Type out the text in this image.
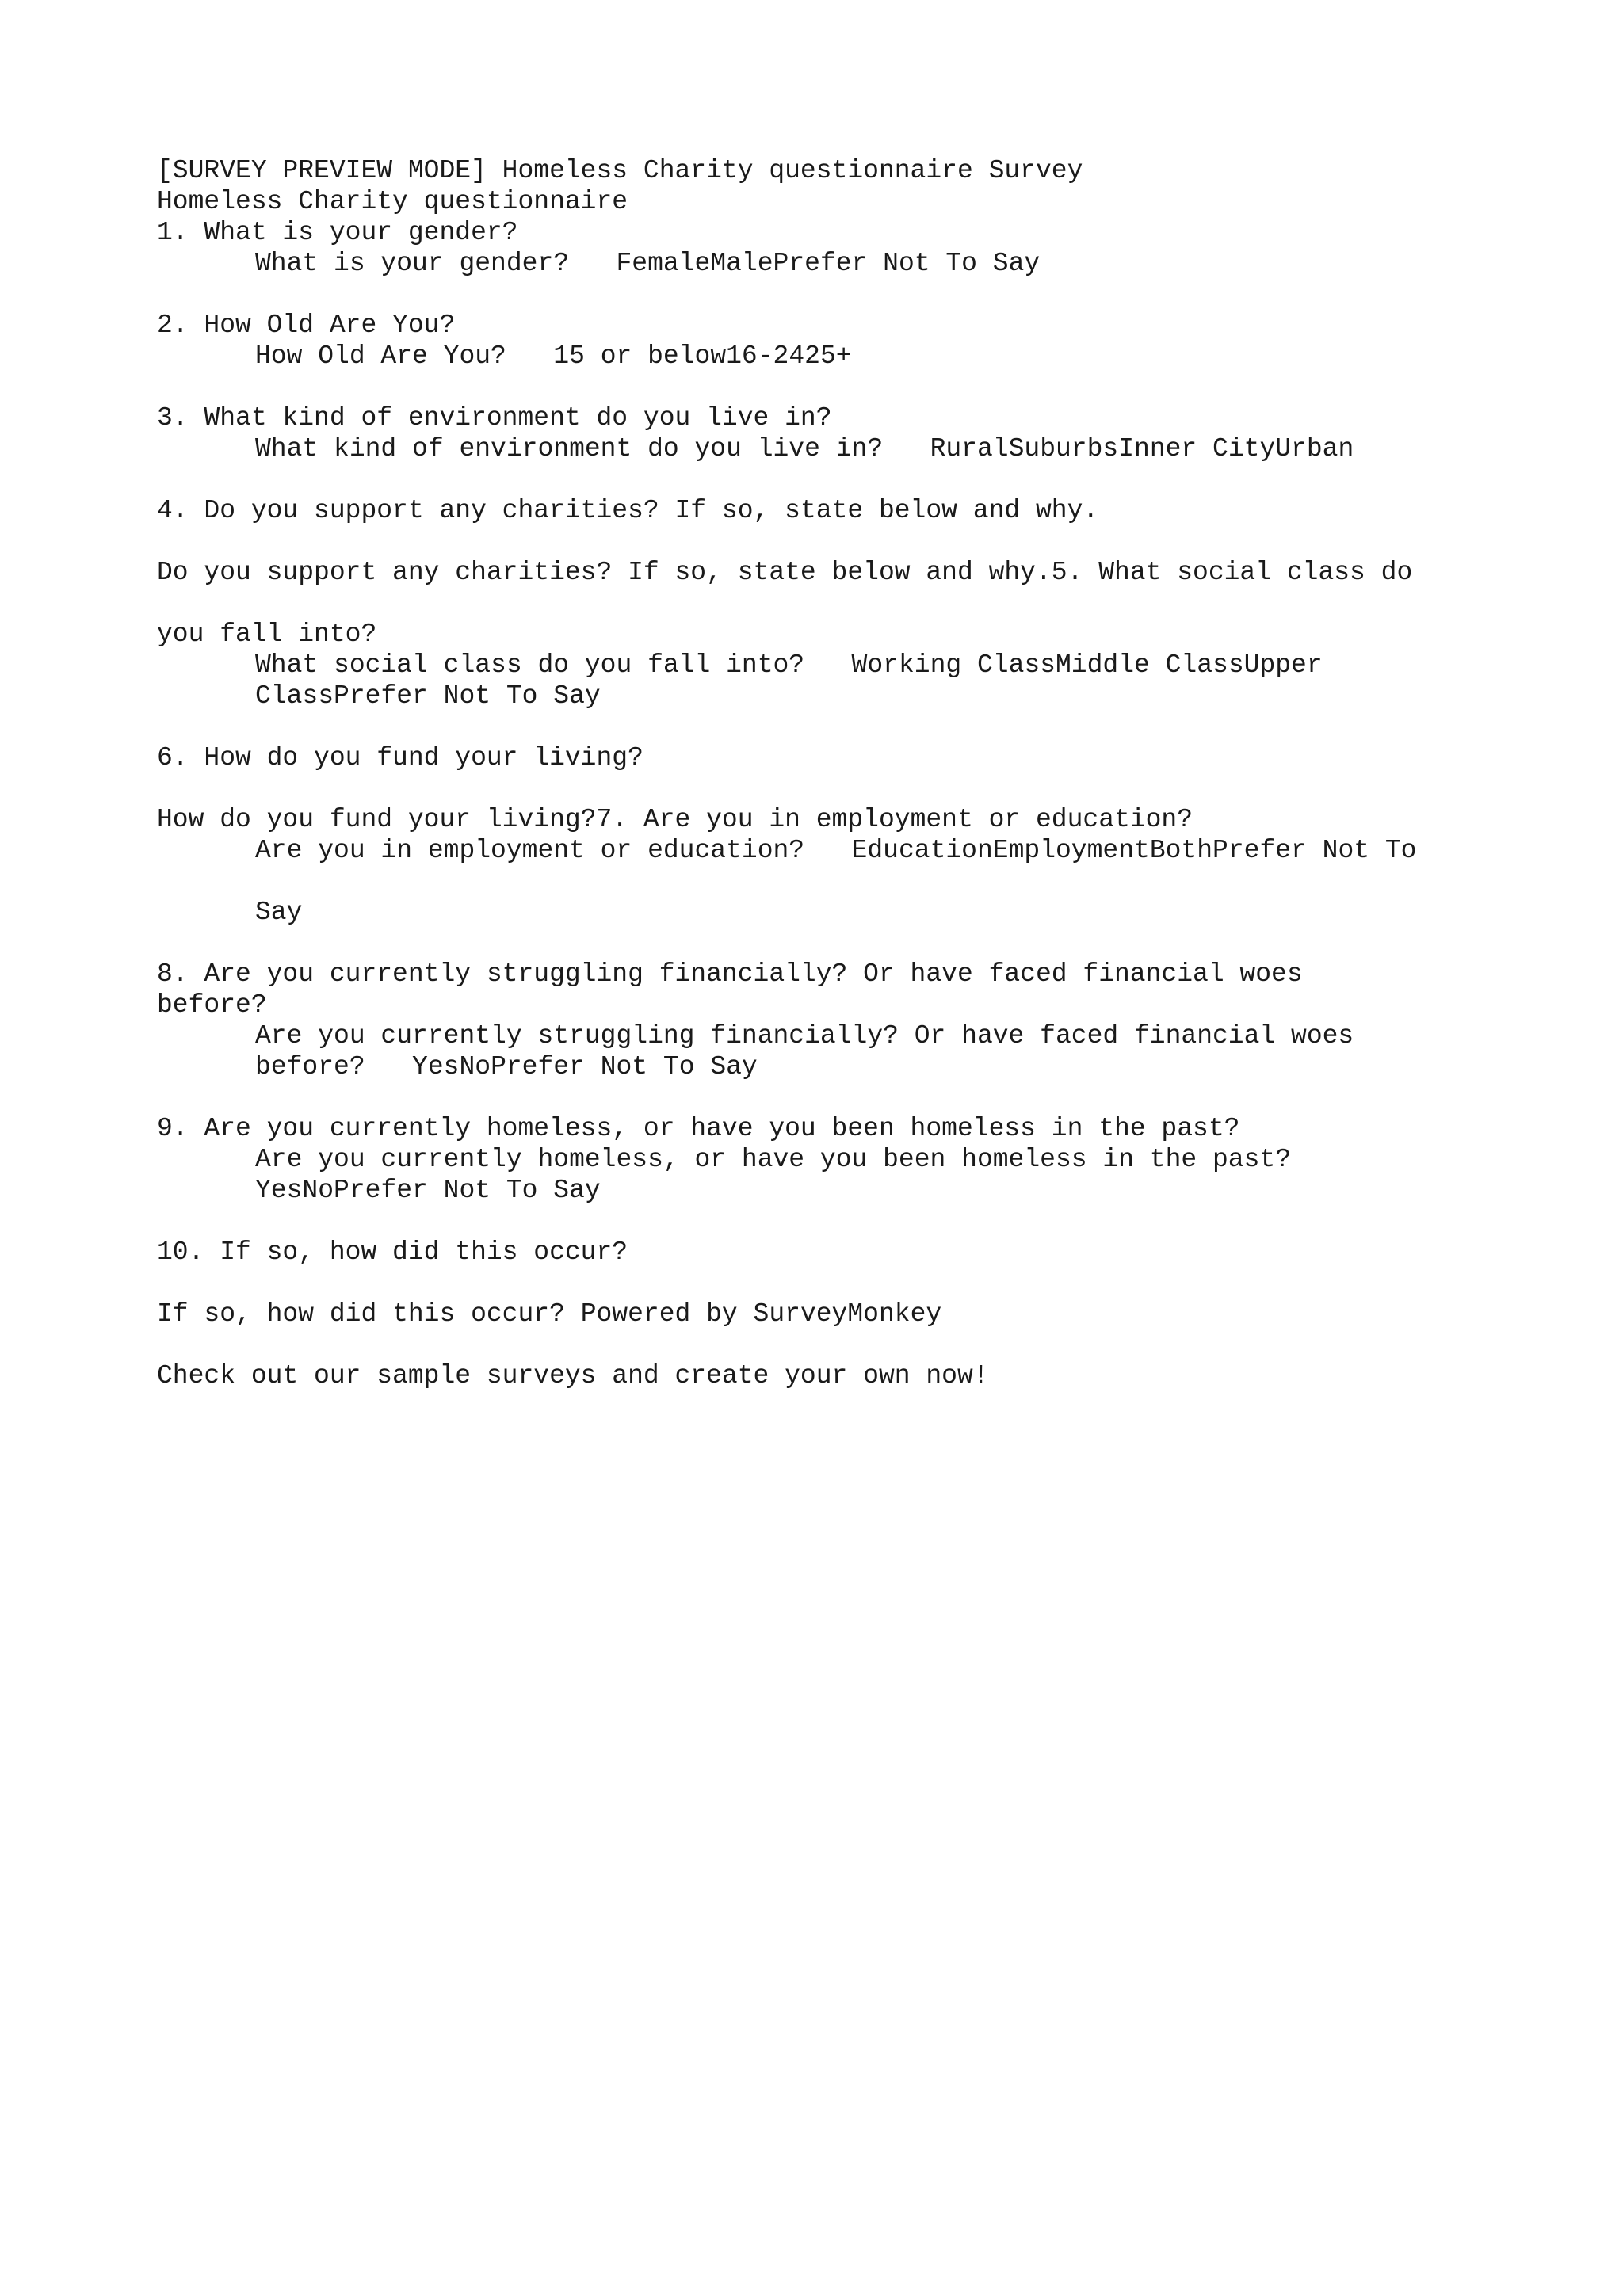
[SURVEY PREVIEW MODE] Homeless Charity questionnaire Survey
Homeless Charity questionnaire
1. What is your gender?
What is your gender? FemaleMalePrefer Not To Say
2. How Old Are You?
How Old Are You? 15 or below16-2425+
3. What kind of environment do you live in?
What kind of environment do you live in? RuralSuburbsInner CityUrban
4. Do you support any charities? If so, state below and why.
Do you support any charities? If so, state below and why.5. What social class do
you fall into?
What social class do you fall into? Working ClassMiddle ClassUpper
ClassPrefer Not To Say
6. How do you fund your living?
How do you fund your living?7. Are you in employment or education?
Are you in employment or education? EducationEmploymentBothPrefer Not To
Say
8. Are you currently struggling financially? Or have faced financial woes
before?
Are you currently struggling financially? Or have faced financial woes
before? YesNoPrefer Not To Say
9. Are you currently homeless, or have you been homeless in the past?
Are you currently homeless, or have you been homeless in the past?
YesNoPrefer Not To Say
10. If so, how did this occur?
If so, how did this occur? Powered by SurveyMonkey
Check out our sample surveys and create your own now!
